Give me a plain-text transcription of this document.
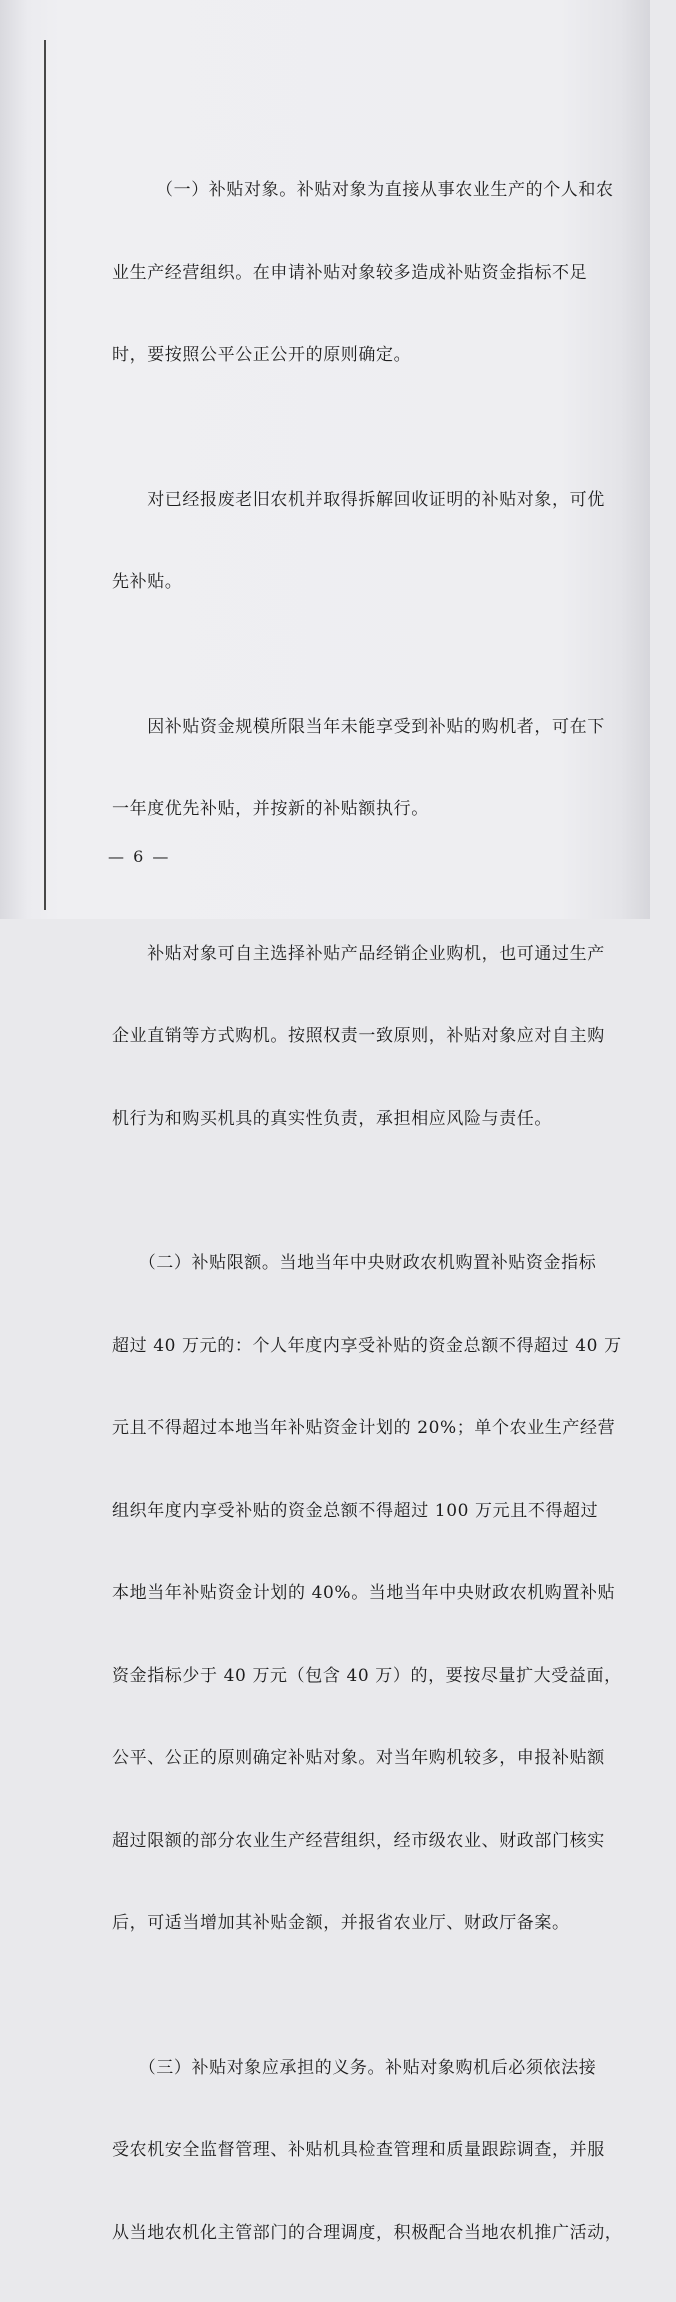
（一）补贴对象。补贴对象为直接从事农业生产的个人和农

业生产经营组织。在申请补贴对象较多造成补贴资金指标不足

时，要按照公平公正公开的原则确定。

　　对已经报废老旧农机并取得拆解回收证明的补贴对象，可优

先补贴。

　　因补贴资金规模所限当年未能享受到补贴的购机者，可在下

一年度优先补贴，并按新的补贴额执行。

　　补贴对象可自主选择补贴产品经销企业购机，也可通过生产

企业直销等方式购机。按照权责一致原则，补贴对象应对自主购

机行为和购买机具的真实性负责，承担相应风险与责任。

　　（二）补贴限额。当地当年中央财政农机购置补贴资金指标

超过 40 万元的：个人年度内享受补贴的资金总额不得超过 40 万

元且不得超过本地当年补贴资金计划的 20%；单个农业生产经营

组织年度内享受补贴的资金总额不得超过 100 万元且不得超过

本地当年补贴资金计划的 40%。当地当年中央财政农机购置补贴

资金指标少于 40 万元（包含 40 万）的，要按尽量扩大受益面，

公平、公正的原则确定补贴对象。对当年购机较多，申报补贴额

超过限额的部分农业生产经营组织，经市级农业、财政部门核实

后，可适当增加其补贴金额，并报省农业厅、财政厅备案。

　　（三）补贴对象应承担的义务。补贴对象购机后必须依法接

受农机安全监督管理、补贴机具检查管理和质量跟踪调查，并服

从当地农机化主管部门的合理调度，积极配合当地农机推广活动，

— 6 —
